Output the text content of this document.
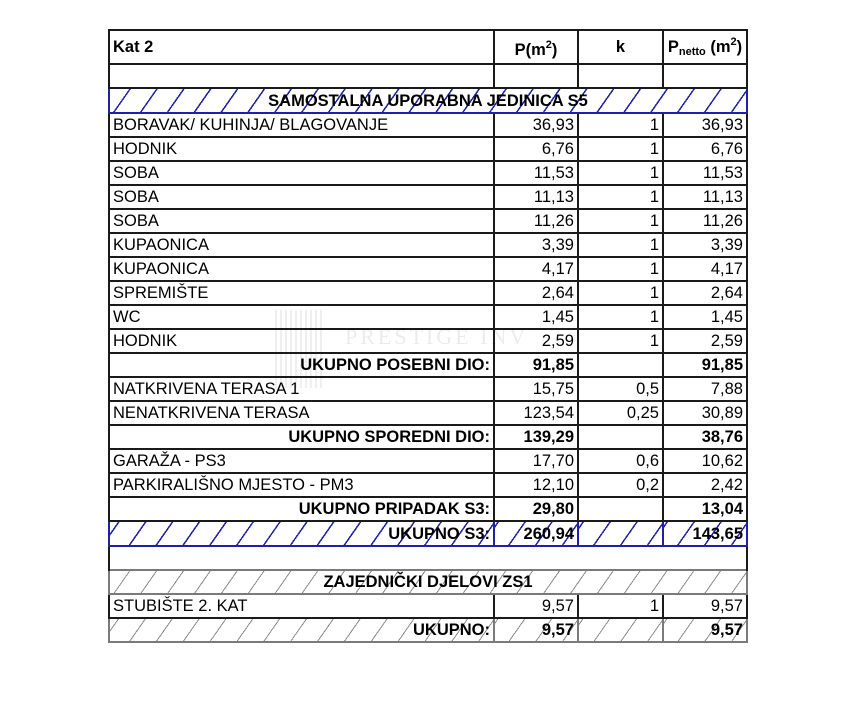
PRESTIGE INV
Kat 2	$P(m^2)$	k	$P_{netto}$ $(m^2)$

SAMOSTALNA UPORABNA JEDINICA S5			
BORAVAK/ KUHINJA/ BLAGOVANJE	36,93	1	36,93
HODNIK	6,76	1	6,76
SOBA	11,53	1	11,53
SOBA	11,13	1	11,13
SOBA	11,26	1	11,26
KUPAONICA	3,39	1	3,39
KUPAONICA	4,17	1	4,17
SPREMIŠTE	2,64	1	2,64
WC	1,45	1	1,45
HODNIK	2,59	1	2,59
UKUPNO POSEBNI DIO:	91,85		91,85
NATKRIVENA TERASA 1	15,75	0,5	7,88
NENATKRIVENA TERASA	123,54	0,25	30,89
UKUPNO SPOREDNI DIO:	139,29		38,76
GARAŽA - PS3	17,70	0,6	10,62
PARKIRALIŠNO MJESTO - PM3	12,10	0,2	2,42
UKUPNO PRIPADAK S3:	29,80		13,04
UKUPNO S3:	260,94		143,65

ZAJEDNIČKI DJELOVI ZS1			
STUBIŠTE 2. KAT	9,57	1	9,57
UKUPNO:	9,57		9,57
